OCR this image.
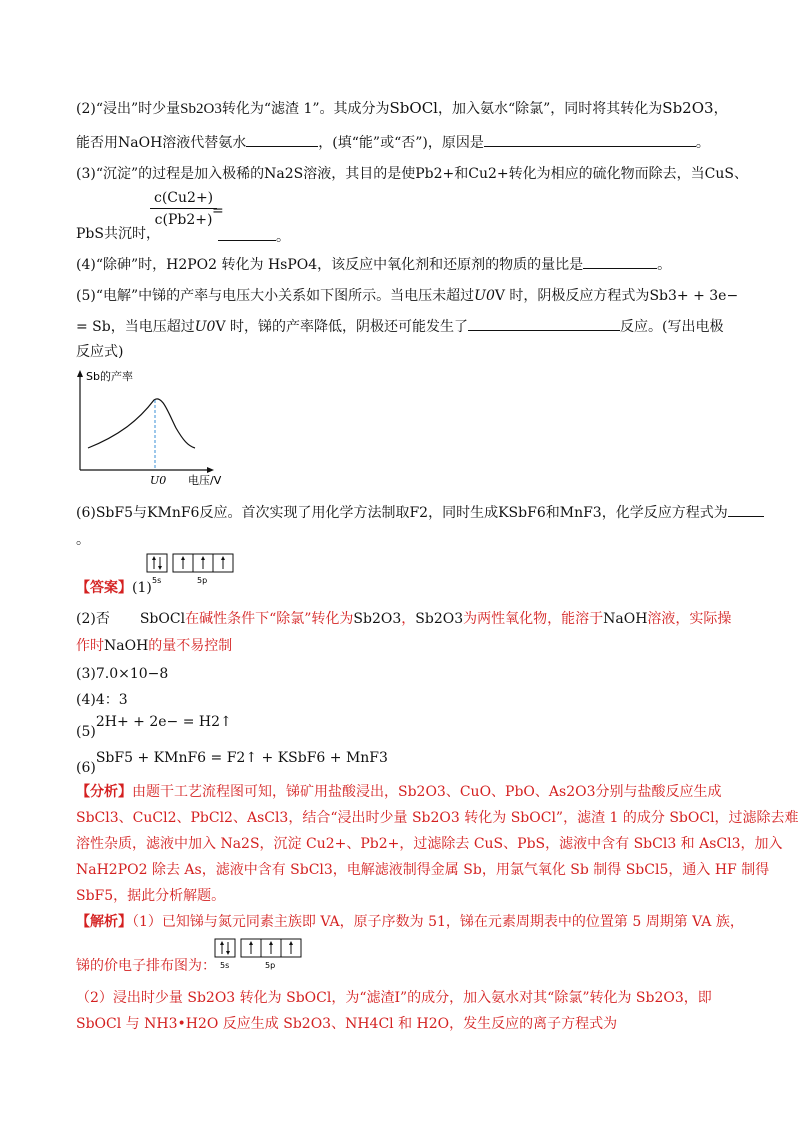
(2)“浸出”时少量Sb2O3转化为“滤渣 1”。其成分为SbOCl，加入氨水“除氯”，同时将其转化为Sb2O3，
能否用NaOH溶液代替氨水	，(填“能”或“否”)，原因是	。
(3)“沉淀”的过程是加入极稀的Na2S溶液，其目的是使Pb2+和Cu2+转化为相应的硫化物而除去，当CuS、
$\frac{c(Cu2+)}{c(Pb2+)}$
=
PbS共沉时，	。
(4)“除砷”时，H2PO2 转化为 HsPO4，该反应中氧化剂和还原剂的物质的量比是	。
(5)“电解”中锑的产率与电压大小关系如下图所示。当电压未超过U0V 时，阴极反应方程式为Sb3+ + 3e−
= Sb，当电压超过U0V 时，锑的产率降低，阴极还可能发生了	反应。(写出电极
反应式)
Sb的产率
U0 电压/V
(6)SbF5与KMnF6反应。首次实现了用化学方法制取F2，同时生成KSbF6和MnF3，化学反应方程式为
。
5s	5p
【答案】(1)
(2)否 SbOCl在碱性条件下“除氯”转化为Sb2O3，Sb2O3为两性氧化物，能溶于NaOH溶液，实际操
作时NaOH的量不易控制
(3)7.0×10−8
(4)4：3
(5)2H+ + 2e− = H2↑
(6)SbF5 + KMnF6 = F2↑ + KSbF6 + MnF3
【分析】由题干工艺流程图可知，锑矿用盐酸浸出，Sb2O3、CuO、PbO、As2O3分别与盐酸反应生成
SbCl3、CuCl2、PbCl2、AsCl3，结合“浸出时少量 Sb2O3 转化为 SbOCl”，滤渣 1 的成分 SbOCl，过滤除去难
溶性杂质，滤液中加入 Na2S，沉淀 Cu2+、Pb2+，过滤除去 CuS、PbS，滤液中含有 SbCl3 和 AsCl3，加入
NaH2PO2 除去 As，滤液中含有 SbCl3，电解滤液制得金属 Sb，用氯气氧化 Sb 制得 SbCl5，通入 HF 制得
SbF5，据此分析解题。
【解析】（1）已知锑与氮元同素主族即 VA，原子序数为 51，锑在元素周期表中的位置第 5 周期第 VA 族，
锑的价电子排布图为： 5s	5p
（2）浸出时少量 Sb2O3 转化为 SbOCl，为“滤渣Ⅰ”的成分，加入氨水对其“除氯”转化为 Sb2O3，即
SbOCl 与 NH3•H2O 反应生成 Sb2O3、NH4Cl 和 H2O，发生反应的离子方程式为
